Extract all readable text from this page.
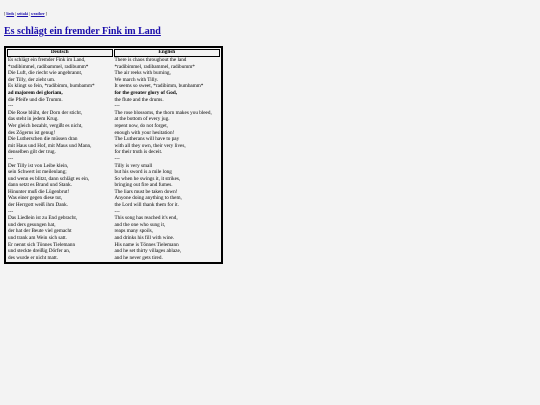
[ lieds | seitaki | weather ]
Es schlägt ein fremder Fink im Land
Deutsch	English
Es schlägt ein fremder Fink im Land,	There is chaos throughout the land
*radibimmel, radibammel, radibumm*	*radibimmel, radibammel, radibumm*
Die Luft, die riecht wie angebrannt,	The air reeks with burning,
der Tilly, der zieht um.	We march with Tilly.
Es klingt so fein, *radibimm, bumbamm*	It seems so sweet, *radibimm, bumbamm*
ad majorem dei gloriam,	for the greater glory of God,
die Pfeife und die Trumm.	the flute and the drums.
---	---
Die Rose blüht, der Dorn der sticht,	The rose blossoms, the thorn makes you bleed,
das steht in jedem Krug.	at the bottom of every jug.
Wer gleich bezahlt, vergißt es nicht,	repent now, do not forget,
des Zögerns ist genug!	enough with your hesitation!
Die Lutherschen die müssen dran	The Lutherans will have to pay
mit Haus und Hof, mit Maus und Mann,	with all they own, their very lives,
denselben gilt der trug.	for their truth is deceit.
---	---
Der Tilly ist von Leibe klein,	Tilly is very small
sein Schwert ist meilenlang;	but his sword is a mile long
und wenn es blitzt, dann schlägt es ein,	So when he swings it, it strikes,
dann setzt es Brand und Stank.	bringing out fire and fumes.
Hinunter muß die Lügenbrut!	The liars must be taken down!
Was einer gegen diese tut,	Anyone doing anything to them,
der Herrgott weiß ihm Dank.	the Lord will thank them for it.
---	---
Das Liedlein ist zu End gebracht,	This song has reached it's end,
und ders gesungen hat,	and the one who sung it,
der hat der Beute viel gemacht	reaps many spoils,
und trank am Wein sich satt.	and drinks his fill with wine.
Er nennt sich Tönnes Tielemann	His name is Tönnes Tielemann
und steckte dreißig Dörfer an,	and he set thirty villages ablaze,
des wurde er nicht matt.	and he never gets tired.
